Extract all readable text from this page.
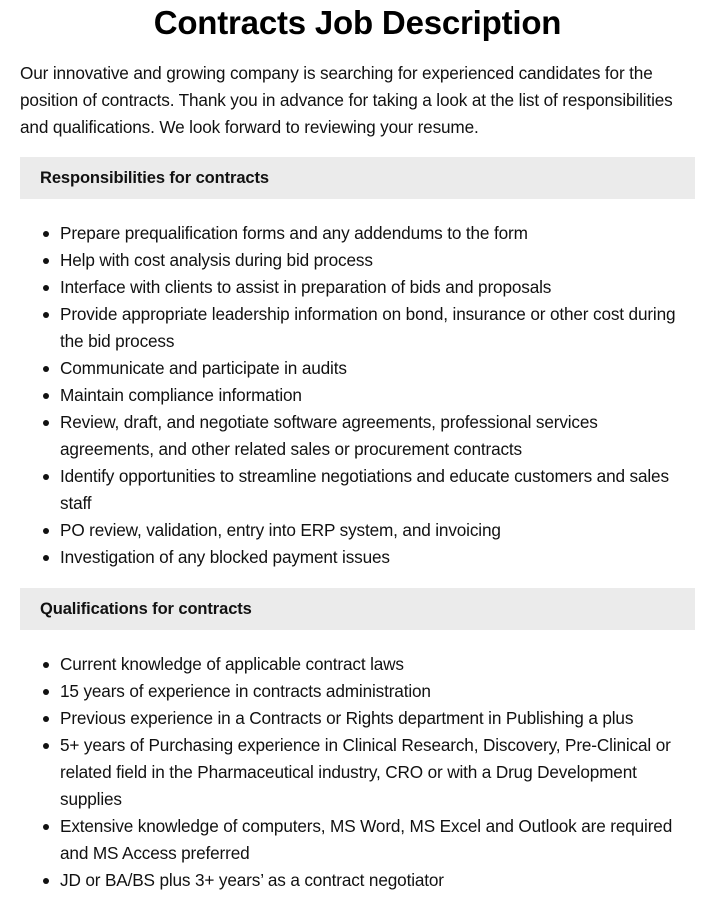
Contracts Job Description

Our innovative and growing company is searching for experienced candidates for the position of contracts. Thank you in advance for taking a look at the list of responsibilities and qualifications. We look forward to reviewing your resume.

Responsibilities for contracts
Prepare prequalification forms and any addendums to the form
Help with cost analysis during bid process
Interface with clients to assist in preparation of bids and proposals
Provide appropriate leadership information on bond, insurance or other cost during the bid process
Communicate and participate in audits
Maintain compliance information
Review, draft, and negotiate software agreements, professional services agreements, and other related sales or procurement contracts
Identify opportunities to streamline negotiations and educate customers and sales staff
PO review, validation, entry into ERP system, and invoicing
Investigation of any blocked payment issues
Qualifications for contracts
Current knowledge of applicable contract laws
15 years of experience in contracts administration
Previous experience in a Contracts or Rights department in Publishing a plus
5+ years of Purchasing experience in Clinical Research, Discovery, Pre-Clinical or related field in the Pharmaceutical industry, CRO or with a Drug Development supplies
Extensive knowledge of computers, MS Word, MS Excel and Outlook are required and MS Access preferred
JD or BA/BS plus 3+ years’ as a contract negotiator
